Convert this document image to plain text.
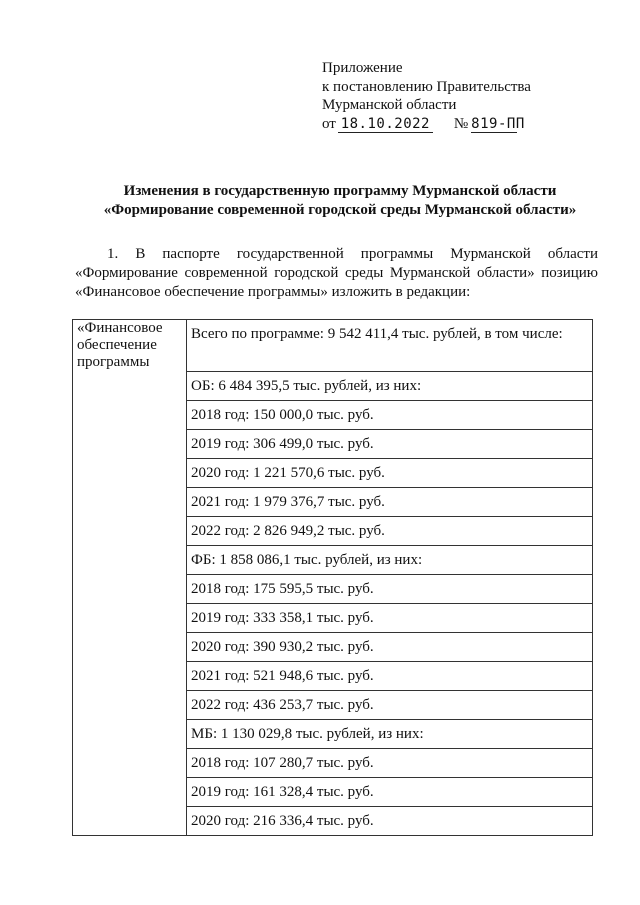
Приложение
к постановлению Правительства
Мурманской области
от 18.10.2022 № 819-ПП
Изменения в государственную программу Мурманской области
«Формирование современной городской среды Мурманской области»
1. В паспорте государственной программы Мурманской области
«Формирование современной городской среды Мурманской области» позицию
«Финансовое обеспечение программы» изложить в редакции:
«Финансовое обеспечение программы	Всего по программе: 9 542 411,4 тыс. рублей, в том числе:
ОБ: 6 484 395,5 тыс. рублей, из них:
2018 год: 150 000,0 тыс. руб.
2019 год: 306 499,0 тыс. руб.
2020 год: 1 221 570,6 тыс. руб.
2021 год: 1 979 376,7 тыс. руб.
2022 год: 2 826 949,2 тыс. руб.
ФБ: 1 858 086,1 тыс. рублей, из них:
2018 год: 175 595,5 тыс. руб.
2019 год: 333 358,1 тыс. руб.
2020 год: 390 930,2 тыс. руб.
2021 год: 521 948,6 тыс. руб.
2022 год: 436 253,7 тыс. руб.
МБ: 1 130 029,8 тыс. рублей, из них:
2018 год: 107 280,7 тыс. руб.
2019 год: 161 328,4 тыс. руб.
2020 год: 216 336,4 тыс. руб.
